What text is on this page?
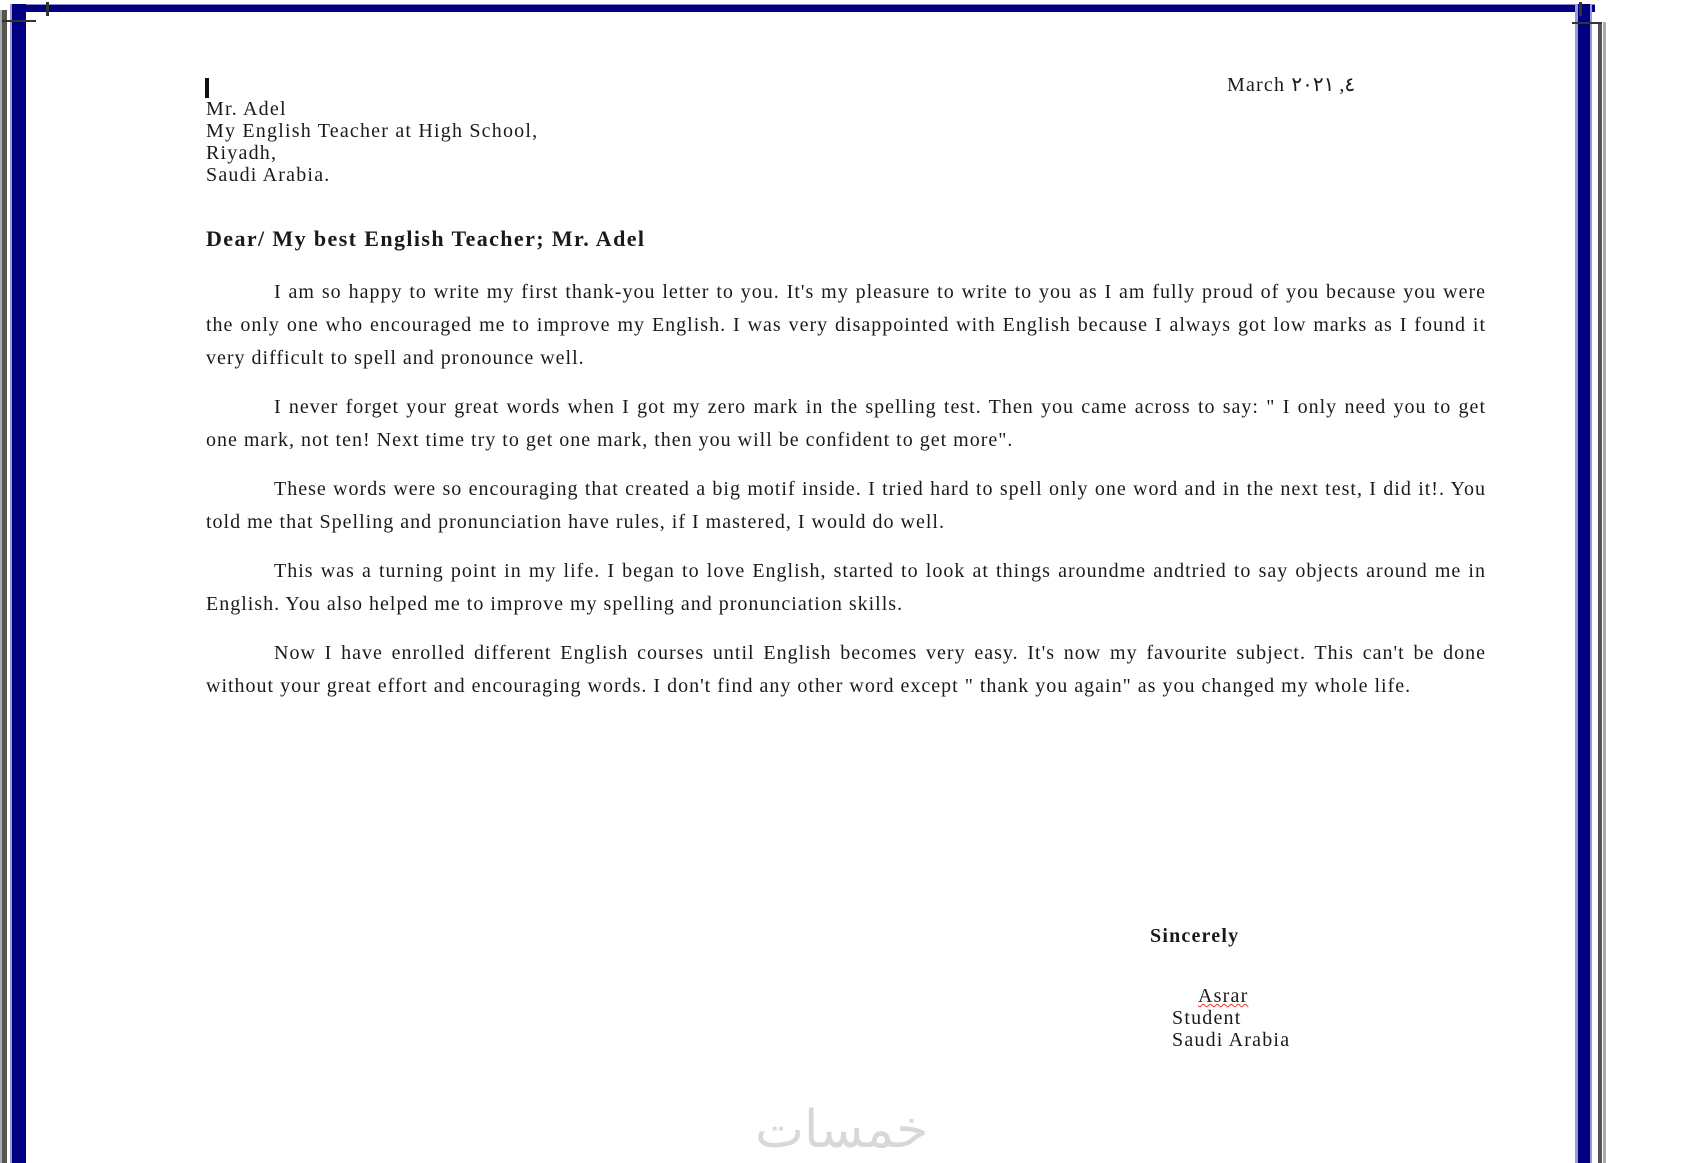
March ٤, ٢٠٢١
Mr. Adel
My English Teacher at High School,
Riyadh,
Saudi Arabia.
Dear/ My best English Teacher; Mr. Adel

I am so happy to write my first thank-you letter to you. It's my pleasure to write to you as I am fully proud of you because you were the only one who encouraged me to improve my English. I was very disappointed with English because I always got low marks as I found it very difficult to spell and pronounce well.

I never forget your great words when I got my zero mark in the spelling test. Then you came across to say: " I only need you to get one mark, not ten! Next time try to get one mark, then you will be confident to get more".

These words were so encouraging that created a big motif inside. I tried hard to spell only one word and in the next test, I did it!. You told me that Spelling and pronunciation have rules, if I mastered, I would do well.

This was a turning point in my life. I began to love English, started to look at things aroundme andtried to say objects around me in English. You also helped me to improve my spelling and pronunciation skills.

Now I have enrolled different English courses until English becomes very easy. It's now my favourite subject. This can't be done without your great effort and encouraging words. I don't find any other word except " thank you again" as you changed my whole life.

Sincerely
Asrar
Student
Saudi Arabia
خمسات
